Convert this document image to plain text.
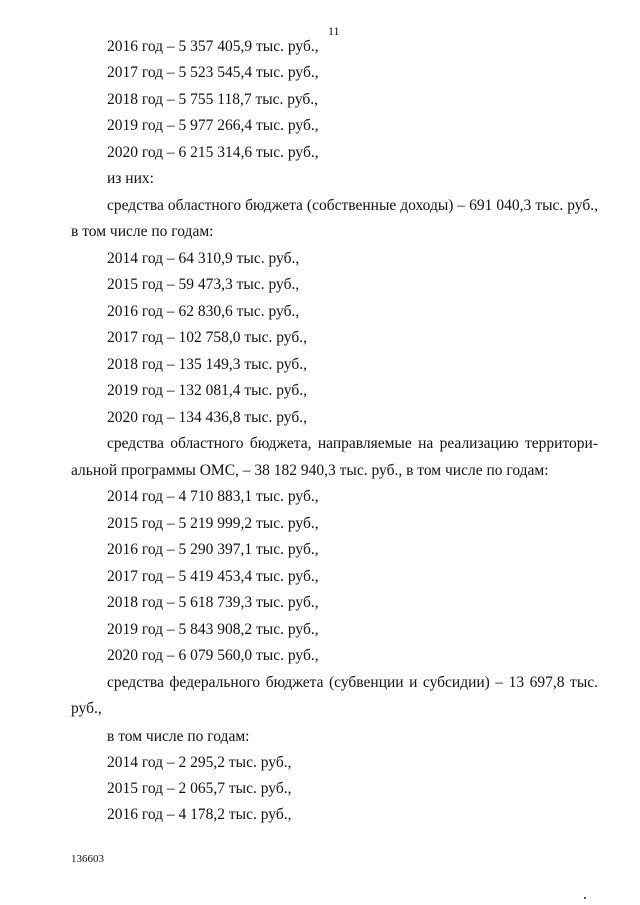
11
2016 год – 5 357 405,9 тыс. руб.,
2017 год – 5 523 545,4 тыс. руб.,
2018 год – 5 755 118,7 тыс. руб.,
2019 год – 5 977 266,4 тыс. руб.,
2020 год – 6 215 314,6 тыс. руб.,
из них:
средства областного бюджета (собственные доходы) – 691 040,3 тыс. руб.,
в том числе по годам:
2014 год – 64 310,9 тыс. руб.,
2015 год – 59 473,3 тыс. руб.,
2016 год – 62 830,6 тыс. руб.,
2017 год – 102 758,0 тыс. руб.,
2018 год – 135 149,3 тыс. руб.,
2019 год – 132 081,4 тыс. руб.,
2020 год – 134 436,8 тыс. руб.,
средства областного бюджета, направляемые на реализацию территори-
альной программы ОМС, – 38 182 940,3 тыс. руб., в том числе по годам:
2014 год – 4 710 883,1 тыс. руб.,
2015 год – 5 219 999,2 тыс. руб.,
2016 год – 5 290 397,1 тыс. руб.,
2017 год – 5 419 453,4 тыс. руб.,
2018 год – 5 618 739,3 тыс. руб.,
2019 год – 5 843 908,2 тыс. руб.,
2020 год – 6 079 560,0 тыс. руб.,
средства федерального бюджета (субвенции и субсидии) – 13 697,8 тыс.
руб.,
в том числе по годам:
2014 год – 2 295,2 тыс. руб.,
2015 год – 2 065,7 тыс. руб.,
2016 год – 4 178,2 тыс. руб.,
136603
